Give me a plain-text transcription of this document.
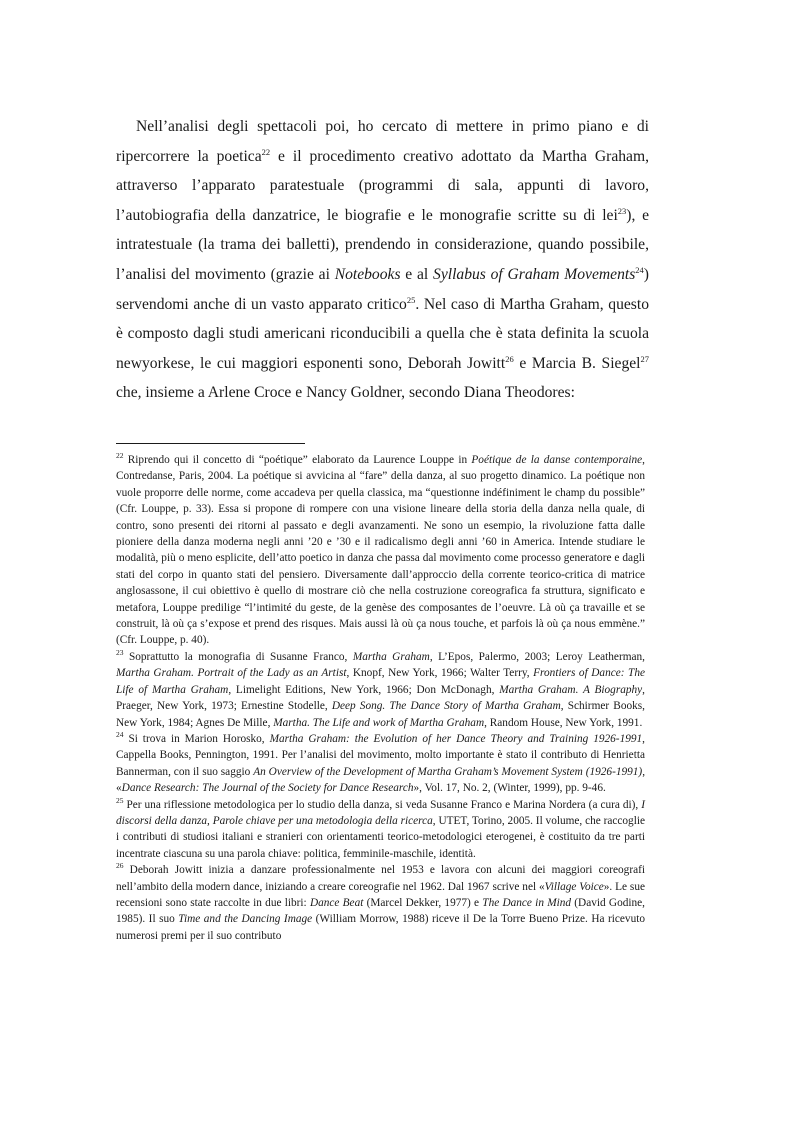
Nell’analisi degli spettacoli poi, ho cercato di mettere in primo piano e di ripercorrere la poetica$^{22}$ e il procedimento creativo adottato da Martha Graham, attraverso l’apparato paratestuale (programmi di sala, appunti di lavoro, l’autobiografia della danzatrice, le biografie e le monografie scritte su di lei$^{23}$), e intratestuale (la trama dei balletti), prendendo in considerazione, quando possibile, l’analisi del movimento (grazie ai Notebooks e al Syllabus of Graham Movements$^{24}$) servendomi anche di un vasto apparato critico$^{25}$. Nel caso di Martha Graham, questo è composto dagli studi americani riconducibili a quella che è stata definita la scuola newyorkese, le cui maggiori esponenti sono, Deborah Jowitt$^{26}$ e Marcia B. Siegel$^{27}$ che, insieme a Arlene Croce e Nancy Goldner, secondo Diana Theodores:

$^{22}$ Riprendo qui il concetto di “poétique” elaborato da Laurence Louppe in Poétique de la danse contemporaine, Contredanse, Paris, 2004. La poétique si avvicina al “fare” della danza, al suo progetto dinamico. La poétique non vuole proporre delle norme, come accadeva per quella classica, ma “questionne indéfiniment le champ du possible” (Cfr. Louppe, p. 33). Essa si propone di rompere con una visione lineare della storia della danza nella quale, di contro, sono presenti dei ritorni al passato e degli avanzamenti. Ne sono un esempio, la rivoluzione fatta dalle pioniere della danza moderna negli anni ’20 e ’30 e il radicalismo degli anni ’60 in America. Intende studiare le modalità, più o meno esplicite, dell’atto poetico in danza che passa dal movimento come processo generatore e dagli stati del corpo in quanto stati del pensiero. Diversamente dall’approccio della corrente teorico-critica di matrice anglosassone, il cui obiettivo è quello di mostrare ciò che nella costruzione coreografica fa struttura, significato e metafora, Louppe predilige “l’intimité du geste, de la genèse des composantes de l’oeuvre. Là où ça travaille et se construit, là où ça s’expose et prend des risques. Mais aussi là où ça nous touche, et parfois là où ça nous emmène.” (Cfr. Louppe, p. 40).

$^{23}$ Soprattutto la monografia di Susanne Franco, Martha Graham, L’Epos, Palermo, 2003; Leroy Leatherman, Martha Graham. Portrait of the Lady as an Artist, Knopf, New York, 1966; Walter Terry, Frontiers of Dance: The Life of Martha Graham, Limelight Editions, New York, 1966; Don McDonagh, Martha Graham. A Biography, Praeger, New York, 1973; Ernestine Stodelle, Deep Song. The Dance Story of Martha Graham, Schirmer Books, New York, 1984; Agnes De Mille, Martha. The Life and work of Martha Graham, Random House, New York, 1991.

$^{24}$ Si trova in Marion Horosko, Martha Graham: the Evolution of her Dance Theory and Training 1926-1991, Cappella Books, Pennington, 1991. Per l’analisi del movimento, molto importante è stato il contributo di Henrietta Bannerman, con il suo saggio An Overview of the Development of Martha Graham’s Movement System (1926-1991), «Dance Research: The Journal of the Society for Dance Research», Vol. 17, No. 2, (Winter, 1999), pp. 9-46.

$^{25}$ Per una riflessione metodologica per lo studio della danza, si veda Susanne Franco e Marina Nordera (a cura di), I discorsi della danza, Parole chiave per una metodologia della ricerca, UTET, Torino, 2005. Il volume, che raccoglie i contributi di studiosi italiani e stranieri con orientamenti teorico-metodologici eterogenei, è costituito da tre parti incentrate ciascuna su una parola chiave: politica, femminile-maschile, identità.

$^{26}$ Deborah Jowitt inizia a danzare professionalmente nel 1953 e lavora con alcuni dei maggiori coreografi nell’ambito della modern dance, iniziando a creare coreografie nel 1962. Dal 1967 scrive nel «Village Voice». Le sue recensioni sono state raccolte in due libri: Dance Beat (Marcel Dekker, 1977) e The Dance in Mind (David Godine, 1985). Il suo Time and the Dancing Image (William Morrow, 1988) riceve il De la Torre Bueno Prize. Ha ricevuto numerosi premi per il suo contributo
